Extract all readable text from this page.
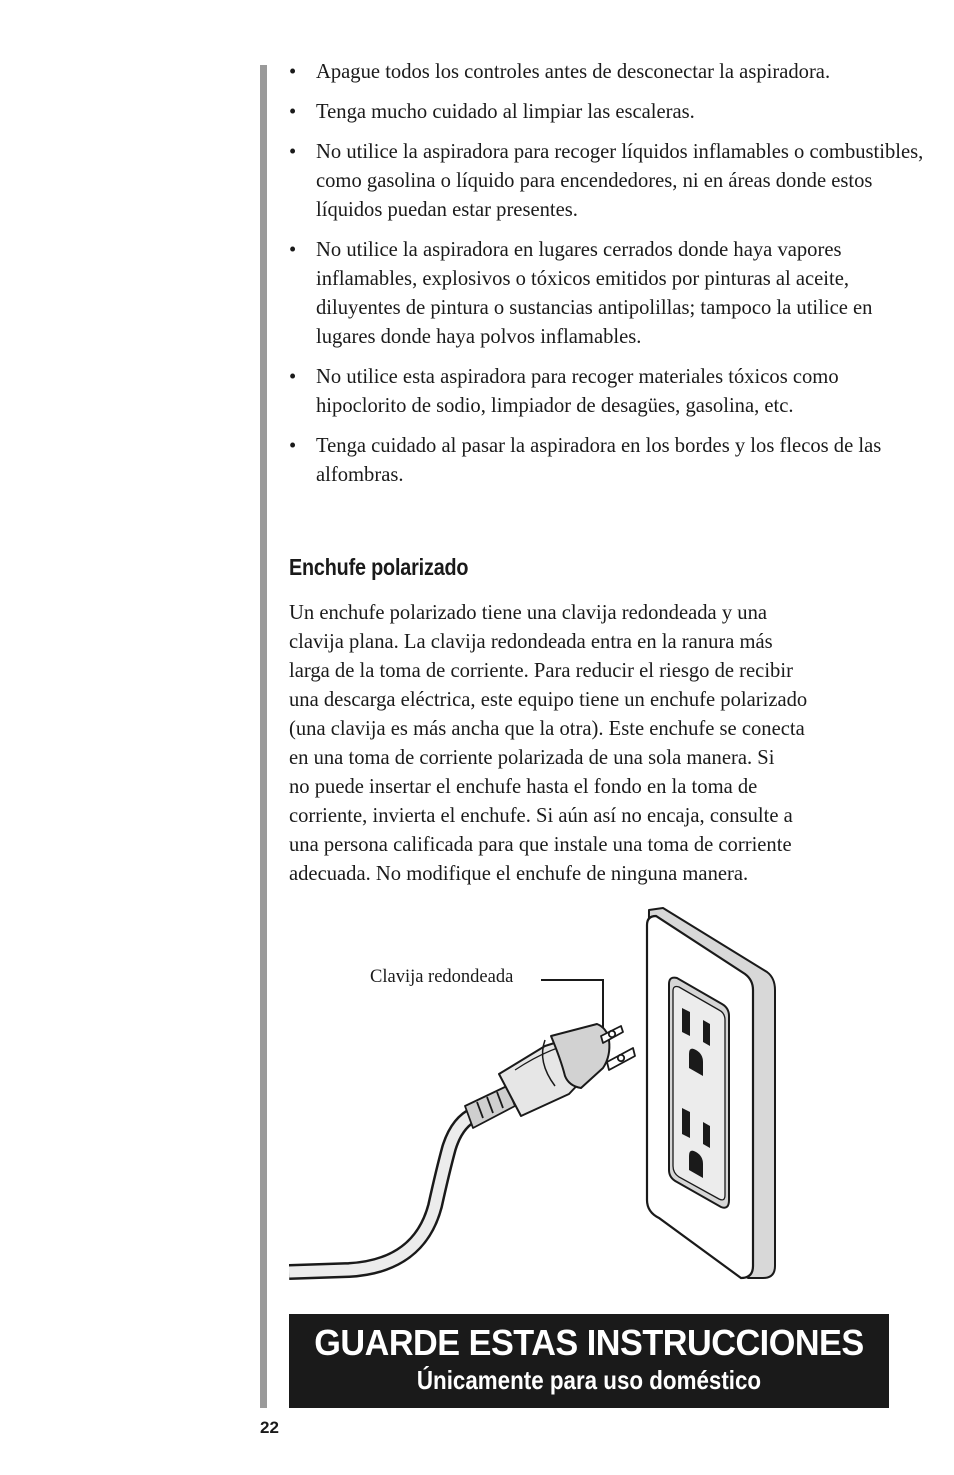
• Apague todos los controles antes de desconectar la aspiradora.
• Tenga mucho cuidado al limpiar las escaleras.
• No utilice la aspiradora para recoger líquidos inflamables o combustibles, como gasolina o líquido para encendedores, ni en áreas donde estos líquidos puedan estar presentes.
• No utilice la aspiradora en lugares cerrados donde haya vapores inflamables, explosivos o tóxicos emitidos por pinturas al aceite, diluyentes de pintura o sustancias antipolillas; tampoco la utilice en lugares donde haya polvos inflamables.
• No utilice esta aspiradora para recoger materiales tóxicos como hipoclorito de sodio, limpiador de desagües, gasolina, etc.
• Tenga cuidado al pasar la aspiradora en los bordes y los flecos de las alfombras.
Enchufe polarizado

Un enchufe polarizado tiene una clavija redondeada y una
clavija plana. La clavija redondeada entra en la ranura más
larga de la toma de corriente. Para reducir el riesgo de recibir
una descarga eléctrica, este equipo tiene un enchufe polarizado
(una clavija es más ancha que la otra). Este enchufe se conecta
en una toma de corriente polarizada de una sola manera. Si
no puede insertar el enchufe hasta el fondo en la toma de
corriente, invierta el enchufe. Si aún así no encaja, consulte a
una persona calificada para que instale una toma de corriente
adecuada. No modifique el enchufe de ninguna manera.

Clavija redondeada
GUARDE ESTAS INSTRUCCIONES
Únicamente para uso doméstico
22
